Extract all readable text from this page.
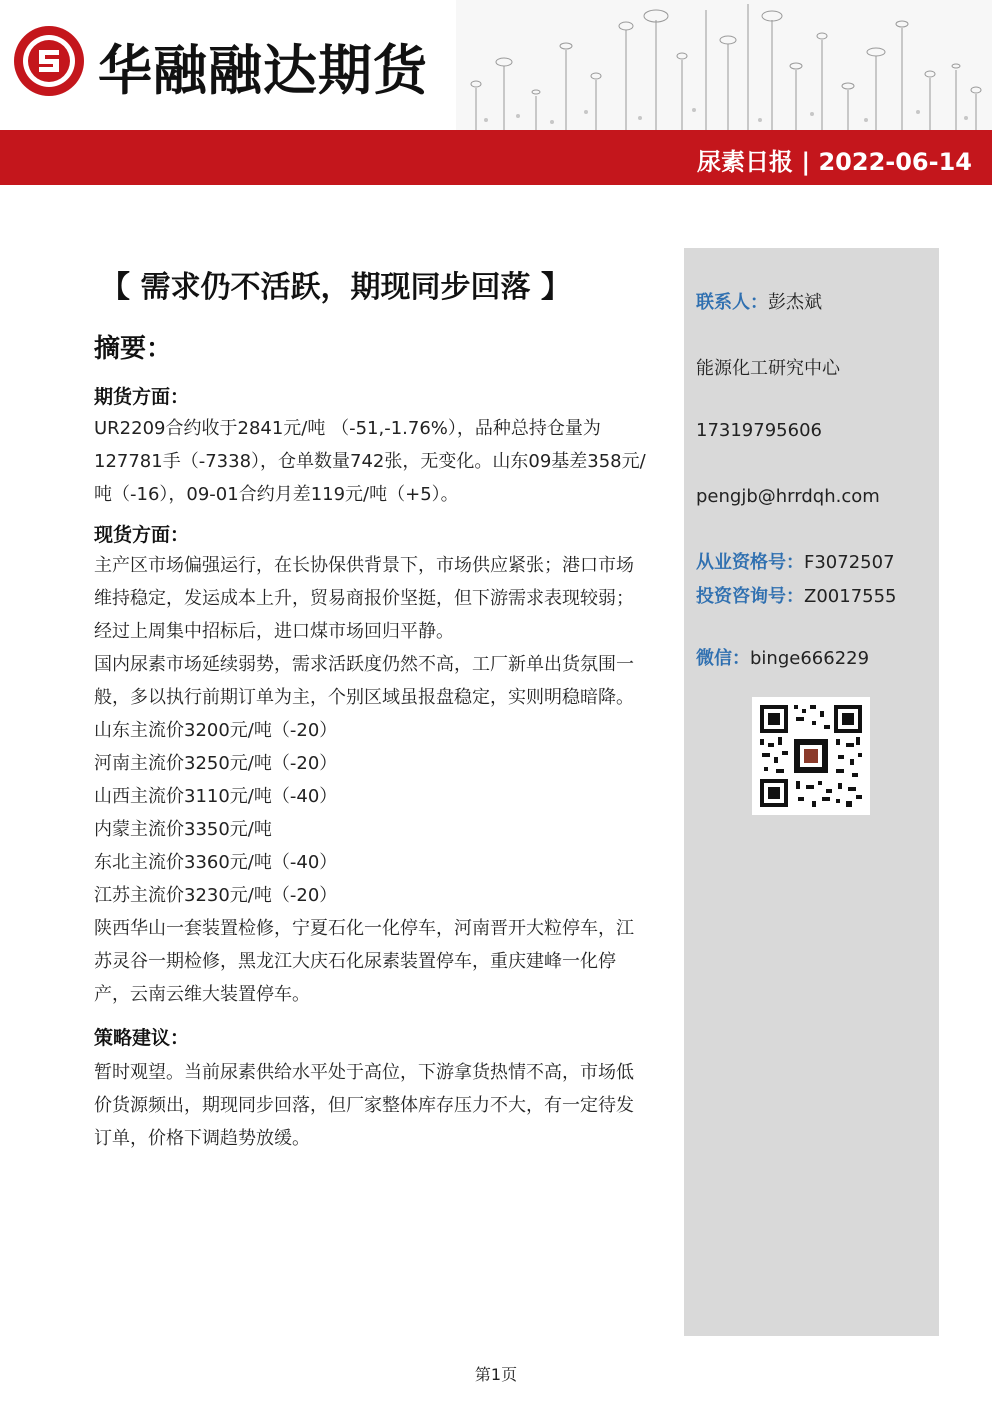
华融融达期货
尿素日报 | 2022-06-14
【 需求仍不活跃，期现同步回落 】
摘要：
期货方面：
UR2209合约收于2841元/吨 （-51,-1.76%），品种总持仓量为
127781手（-7338），仓单数量742张，无变化。山东09基差358元/
吨（-16），09-01合约月差119元/吨（+5）。
现货方面：
主产区市场偏强运行，在长协保供背景下，市场供应紧张；港口市场
维持稳定，发运成本上升，贸易商报价坚挺，但下游需求表现较弱；
经过上周集中招标后，进口煤市场回归平静。
国内尿素市场延续弱势，需求活跃度仍然不高，工厂新单出货氛围一
般，多以执行前期订单为主，个别区域虽报盘稳定，实则明稳暗降。
山东主流价3200元/吨（-20）
河南主流价3250元/吨（-20）
山西主流价3110元/吨（-40）
内蒙主流价3350元/吨
东北主流价3360元/吨（-40）
江苏主流价3230元/吨（-20）
陕西华山一套装置检修，宁夏石化一化停车，河南晋开大粒停车，江
苏灵谷一期检修，黑龙江大庆石化尿素装置停车，重庆建峰一化停
产，云南云维大装置停车。
策略建议：
暂时观望。当前尿素供给水平处于高位，下游拿货热情不高，市场低
价货源频出，期现同步回落，但厂家整体库存压力不大，有一定待发
订单，价格下调趋势放缓。
联系人：彭杰斌
能源化工研究中心
17319795606
pengjb@hrrdqh.com
从业资格号：F3072507
投资咨询号：Z0017555
微信：binge666229
第1页
